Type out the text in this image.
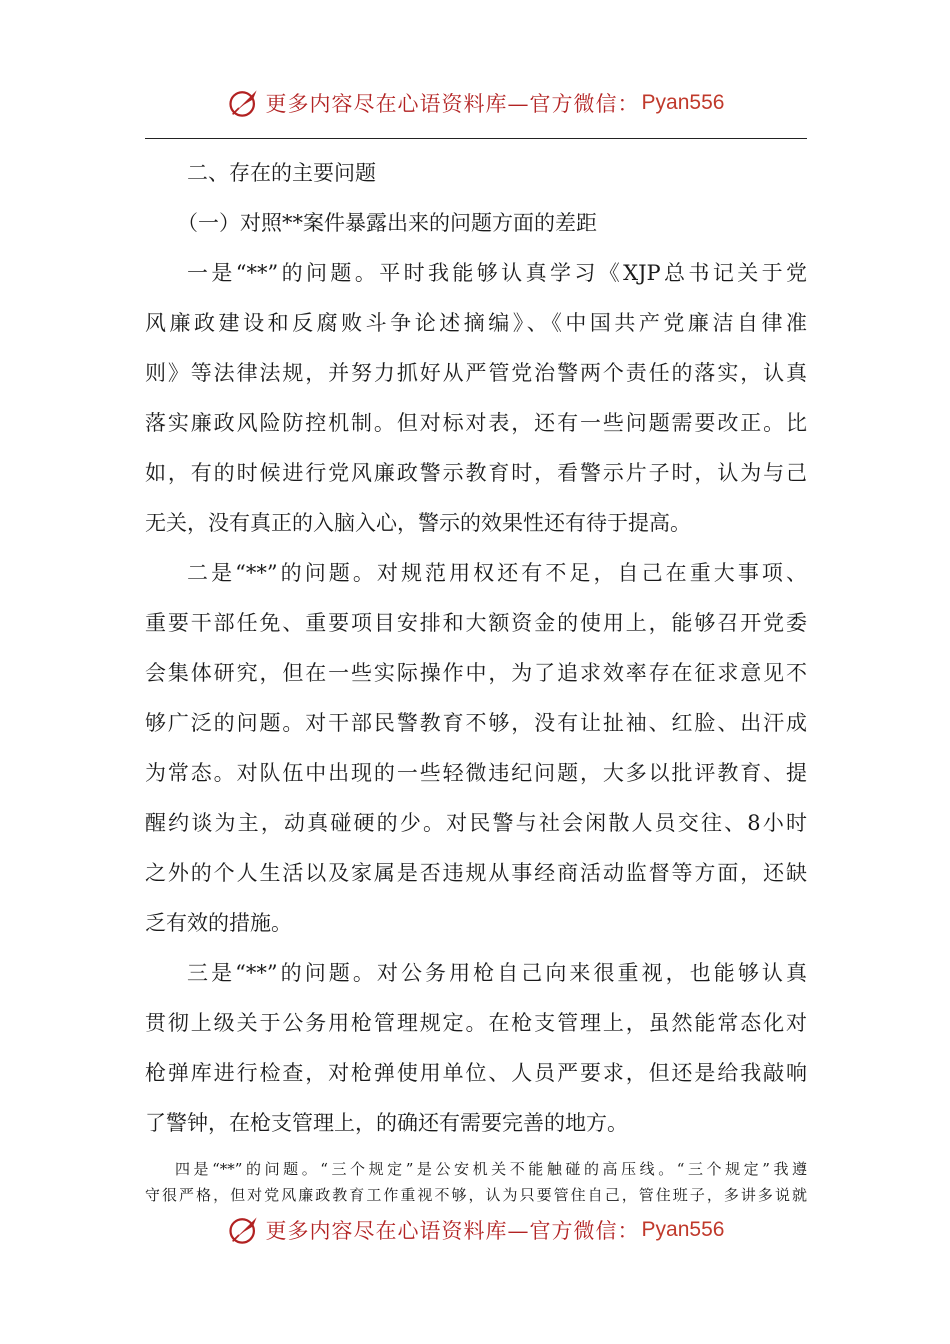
更多内容尽在心语资料库—官方微信： Pyan556
二、存在的主要问题
（一）对照**案件暴露出来的问题方面的差距
一是“**”的问题。平时我能够认真学习《XJP总书记关于党
风廉政建设和反腐败斗争论述摘编》、《中国共产党廉洁自律准
则》等法律法规，并努力抓好从严管党治警两个责任的落实，认真
落实廉政风险防控机制。但对标对表，还有一些问题需要改正。比
如，有的时候进行党风廉政警示教育时，看警示片子时，认为与己
无关，没有真正的入脑入心，警示的效果性还有待于提高。
二是“**”的问题。对规范用权还有不足，自己在重大事项、
重要干部任免、重要项目安排和大额资金的使用上，能够召开党委
会集体研究，但在一些实际操作中，为了追求效率存在征求意见不
够广泛的问题。对干部民警教育不够，没有让扯袖、红脸、出汗成
为常态。对队伍中出现的一些轻微违纪问题，大多以批评教育、提
醒约谈为主，动真碰硬的少。对民警与社会闲散人员交往、8小时
之外的个人生活以及家属是否违规从事经商活动监督等方面，还缺
乏有效的措施。
三是“**”的问题。对公务用枪自己向来很重视，也能够认真
贯彻上级关于公务用枪管理规定。在枪支管理上，虽然能常态化对
枪弹库进行检查，对枪弹使用单位、人员严要求，但还是给我敲响
了警钟，在枪支管理上，的确还有需要完善的地方。
四是“**”的问题。“三个规定”是公安机关不能触碰的高压线。“三个规定”我遵
守很严格，但对党风廉政教育工作重视不够，认为只要管住自己，管住班子，多讲多说就
更多内容尽在心语资料库—官方微信： Pyan556
